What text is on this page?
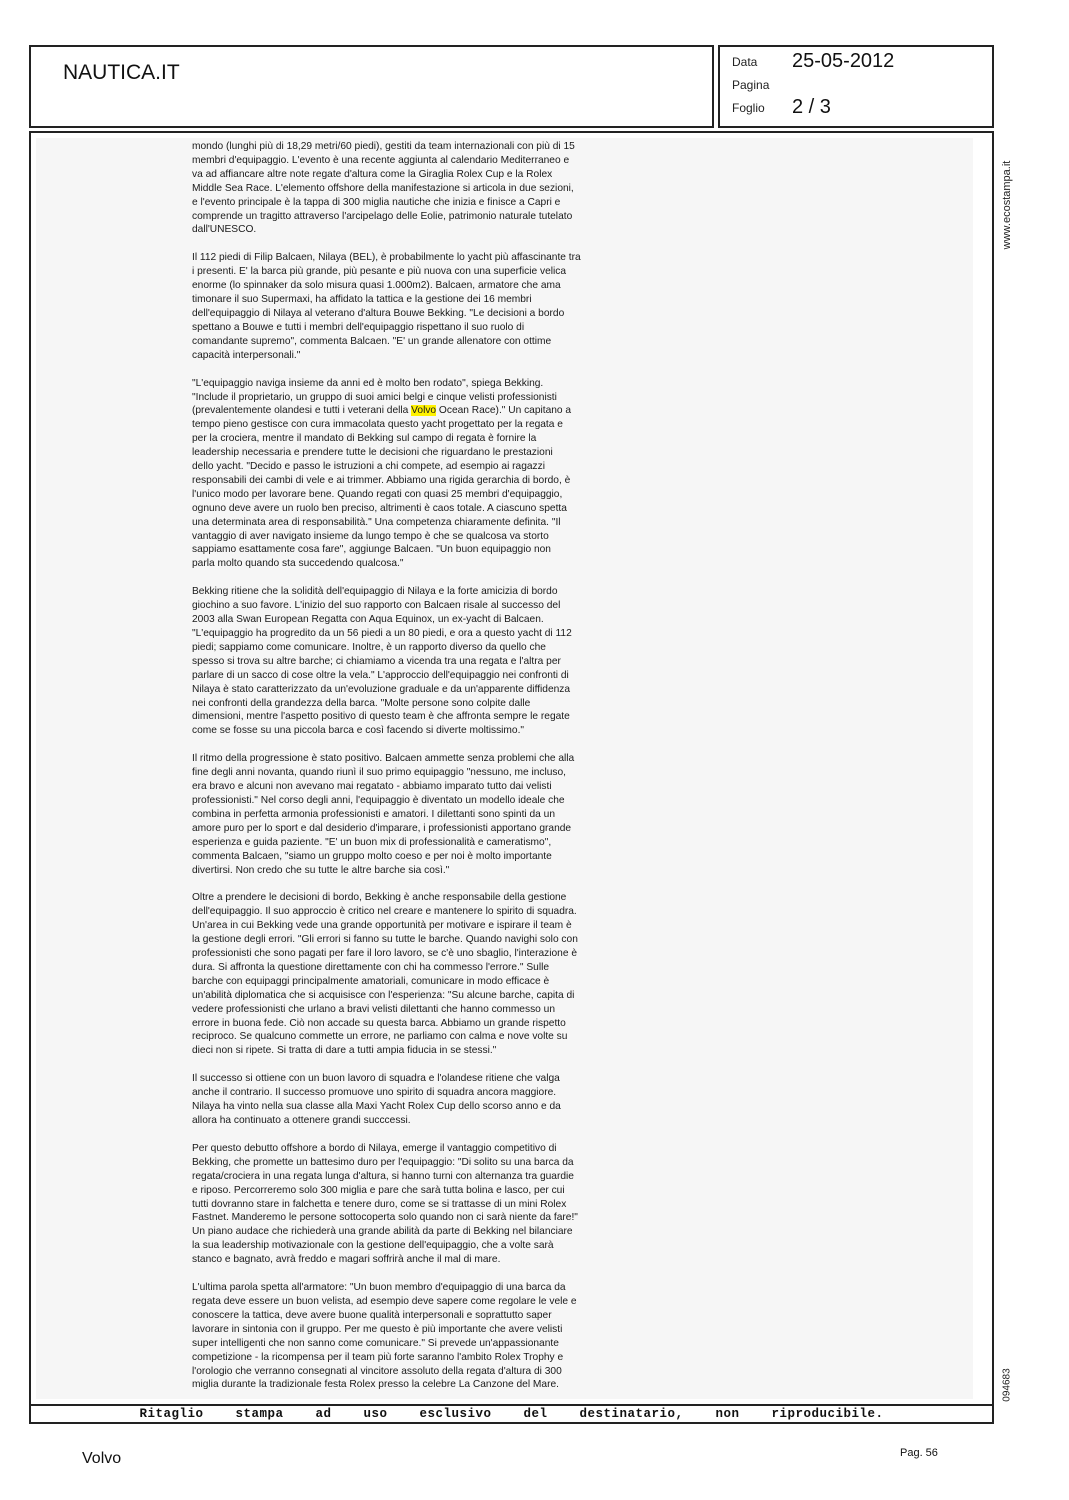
NAUTICA.IT	Data 25-05-2012
Pagina
Foglio 2 / 3

mondo (lunghi più di 18,29 metri/60 piedi), gestiti da team internazionali con più di 15
membri d'equipaggio. L'evento è una recente aggiunta al calendario Mediterraneo e
va ad affiancare altre note regate d'altura come la Giraglia Rolex Cup e la Rolex
Middle Sea Race. L'elemento offshore della manifestazione si articola in due sezioni,
e l'evento principale è la tappa di 300 miglia nautiche che inizia e finisce a Capri e
comprende un tragitto attraverso l'arcipelago delle Eolie, patrimonio naturale tutelato
dall'UNESCO.

Il 112 piedi di Filip Balcaen, Nilaya (BEL), è probabilmente lo yacht più affascinante tra
i presenti. E' la barca più grande, più pesante e più nuova con una superficie velica
enorme (lo spinnaker da solo misura quasi 1.000m2). Balcaen, armatore che ama
timonare il suo Supermaxi, ha affidato la tattica e la gestione dei 16 membri
dell'equipaggio di Nilaya al veterano d'altura Bouwe Bekking. "Le decisioni a bordo
spettano a Bouwe e tutti i membri dell'equipaggio rispettano il suo ruolo di
comandante supremo", commenta Balcaen. "E' un grande allenatore con ottime
capacità interpersonali."

"L'equipaggio naviga insieme da anni ed è molto ben rodato", spiega Bekking.
"Include il proprietario, un gruppo di suoi amici belgi e cinque velisti professionisti
(prevalentemente olandesi e tutti i veterani della Volvo Ocean Race)." Un capitano a
tempo pieno gestisce con cura immacolata questo yacht progettato per la regata e
per la crociera, mentre il mandato di Bekking sul campo di regata è fornire la
leadership necessaria e prendere tutte le decisioni che riguardano le prestazioni
dello yacht. "Decido e passo le istruzioni a chi compete, ad esempio ai ragazzi
responsabili dei cambi di vele e ai trimmer. Abbiamo una rigida gerarchia di bordo, è
l'unico modo per lavorare bene. Quando regati con quasi 25 membri d'equipaggio,
ognuno deve avere un ruolo ben preciso, altrimenti è caos totale. A ciascuno spetta
una determinata area di responsabilità." Una competenza chiaramente definita. "Il
vantaggio di aver navigato insieme da lungo tempo è che se qualcosa va storto
sappiamo esattamente cosa fare", aggiunge Balcaen. "Un buon equipaggio non
parla molto quando sta succedendo qualcosa."

Bekking ritiene che la solidità dell'equipaggio di Nilaya e la forte amicizia di bordo
giochino a suo favore. L'inizio del suo rapporto con Balcaen risale al successo del
2003 alla Swan European Regatta con Aqua Equinox, un ex-yacht di Balcaen.
"L'equipaggio ha progredito da un 56 piedi a un 80 piedi, e ora a questo yacht di 112
piedi; sappiamo come comunicare. Inoltre, è un rapporto diverso da quello che
spesso si trova su altre barche; ci chiamiamo a vicenda tra una regata e l'altra per
parlare di un sacco di cose oltre la vela." L'approccio dell'equipaggio nei confronti di
Nilaya è stato caratterizzato da un'evoluzione graduale e da un'apparente diffidenza
nei confronti della grandezza della barca. "Molte persone sono colpite dalle
dimensioni, mentre l'aspetto positivo di questo team è che affronta sempre le regate
come se fosse su una piccola barca e così facendo si diverte moltissimo."

Il ritmo della progressione è stato positivo. Balcaen ammette senza problemi che alla
fine degli anni novanta, quando riunì il suo primo equipaggio "nessuno, me incluso,
era bravo e alcuni non avevano mai regatato - abbiamo imparato tutto dai velisti
professionisti." Nel corso degli anni, l'equipaggio è diventato un modello ideale che
combina in perfetta armonia professionisti e amatori. I dilettanti sono spinti da un
amore puro per lo sport e dal desiderio d'imparare, i professionisti apportano grande
esperienza e guida paziente. "E' un buon mix di professionalità e cameratismo",
commenta Balcaen, "siamo un gruppo molto coeso e per noi è molto importante
divertirsi. Non credo che su tutte le altre barche sia così."

Oltre a prendere le decisioni di bordo, Bekking è anche responsabile della gestione
dell'equipaggio. Il suo approccio è critico nel creare e mantenere lo spirito di squadra.
Un'area in cui Bekking vede una grande opportunità per motivare e ispirare il team è
la gestione degli errori. "Gli errori si fanno su tutte le barche. Quando navighi solo con
professionisti che sono pagati per fare il loro lavoro, se c'è uno sbaglio, l'interazione è
dura. Si affronta la questione direttamente con chi ha commesso l'errore." Sulle
barche con equipaggi principalmente amatoriali, comunicare in modo efficace è
un'abilità diplomatica che si acquisisce con l'esperienza: "Su alcune barche, capita di
vedere professionisti che urlano a bravi velisti dilettanti che hanno commesso un
errore in buona fede. Ciò non accade su questa barca. Abbiamo un grande rispetto
reciproco. Se qualcuno commette un errore, ne parliamo con calma e nove volte su
dieci non si ripete. Si tratta di dare a tutti ampia fiducia in se stessi."

Il successo si ottiene con un buon lavoro di squadra e l'olandese ritiene che valga
anche il contrario. Il successo promuove uno spirito di squadra ancora maggiore.
Nilaya ha vinto nella sua classe alla Maxi Yacht Rolex Cup dello scorso anno e da
allora ha continuato a ottenere grandi succcessi.

Per questo debutto offshore a bordo di Nilaya, emerge il vantaggio competitivo di
Bekking, che promette un battesimo duro per l'equipaggio: "Di solito su una barca da
regata/crociera in una regata lunga d'altura, si hanno turni con alternanza tra guardie
e riposo. Percorreremo solo 300 miglia e pare che sarà tutta bolina e lasco, per cui
tutti dovranno stare in falchetta e tenere duro, come se si trattasse di un mini Rolex
Fastnet. Manderemo le persone sottocoperta solo quando non ci sarà niente da fare!"
Un piano audace che richiederà una grande abilità da parte di Bekking nel bilanciare
la sua leadership motivazionale con la gestione dell'equipaggio, che a volte sarà
stanco e bagnato, avrà freddo e magari soffrirà anche il mal di mare.

L'ultima parola spetta all'armatore: "Un buon membro d'equipaggio di una barca da
regata deve essere un buon velista, ad esempio deve sapere come regolare le vele e
conoscere la tattica, deve avere buone qualità interpersonali e soprattutto saper
lavorare in sintonia con il gruppo. Per me questo è più importante che avere velisti
super intelligenti che non sanno come comunicare." Si prevede un'appassionante
competizione - la ricompensa per il team più forte saranno l'ambito Rolex Trophy e
l'orologio che verranno consegnati al vincitore assoluto della regata d'altura di 300
miglia durante la tradizionale festa Rolex presso la celebre La Canzone del Mare.

www.ecostampa.it
094683
Ritaglio stampa ad uso esclusivo del destinatario, non riproducibile.
Volvo	Pag. 56
